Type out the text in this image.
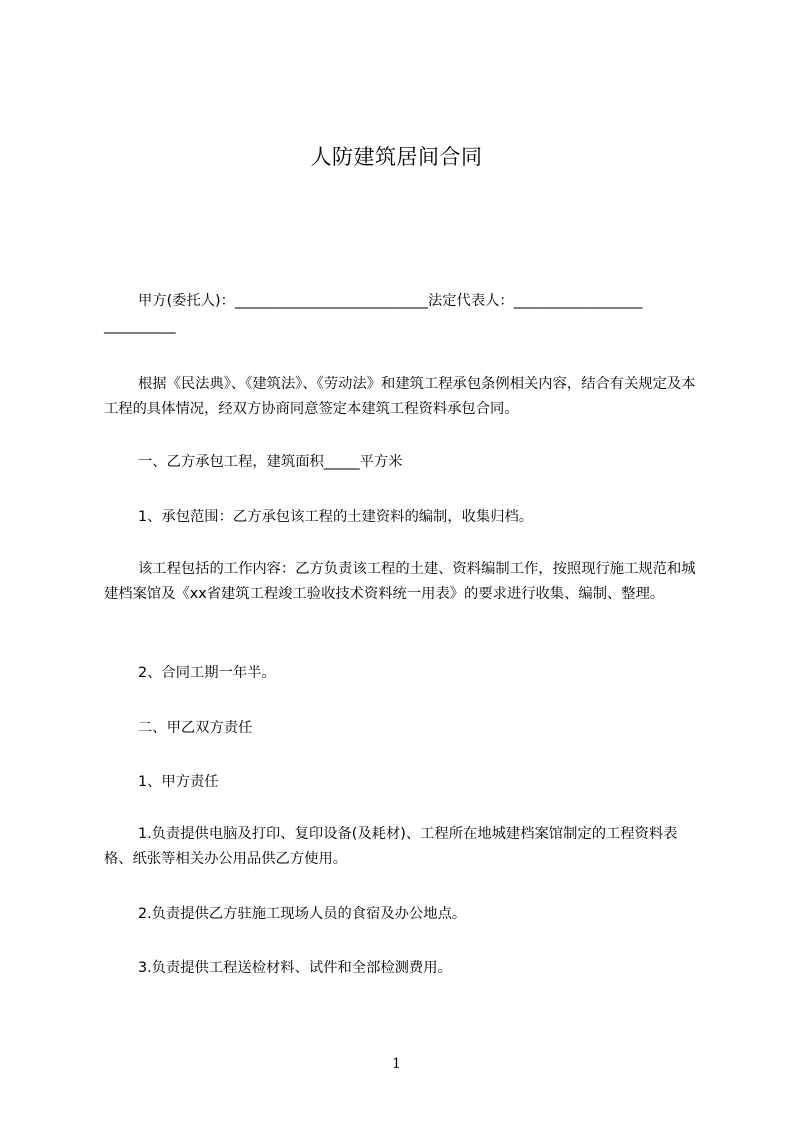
人防建筑居间合同

甲方(委托人)：___________________________法定代表人：__________________ __________

根据《民法典》、《建筑法》、《劳动法》和建筑工程承包条例相关内容，结合有关规定及本工程的具体情况，经双方协商同意签定本建筑工程资料承包合同。

一、乙方承包工程，建筑面积_____平方米

1、承包范围：乙方承包该工程的土建资料的编制，收集归档。

该工程包括的工作内容：乙方负责该工程的土建、资料编制工作，按照现行施工规范和城建档案馆及《xx省建筑工程竣工验收技术资料统一用表》的要求进行收集、编制、整理。

2、合同工期一年半。

二、甲乙双方责任

1、甲方责任

1.负责提供电脑及打印、复印设备(及耗材)、工程所在地城建档案馆制定的工程资料表格、纸张等相关办公用品供乙方使用。

2.负责提供乙方驻施工现场人员的食宿及办公地点。

3.负责提供工程送检材料、试件和全部检测费用。

1
